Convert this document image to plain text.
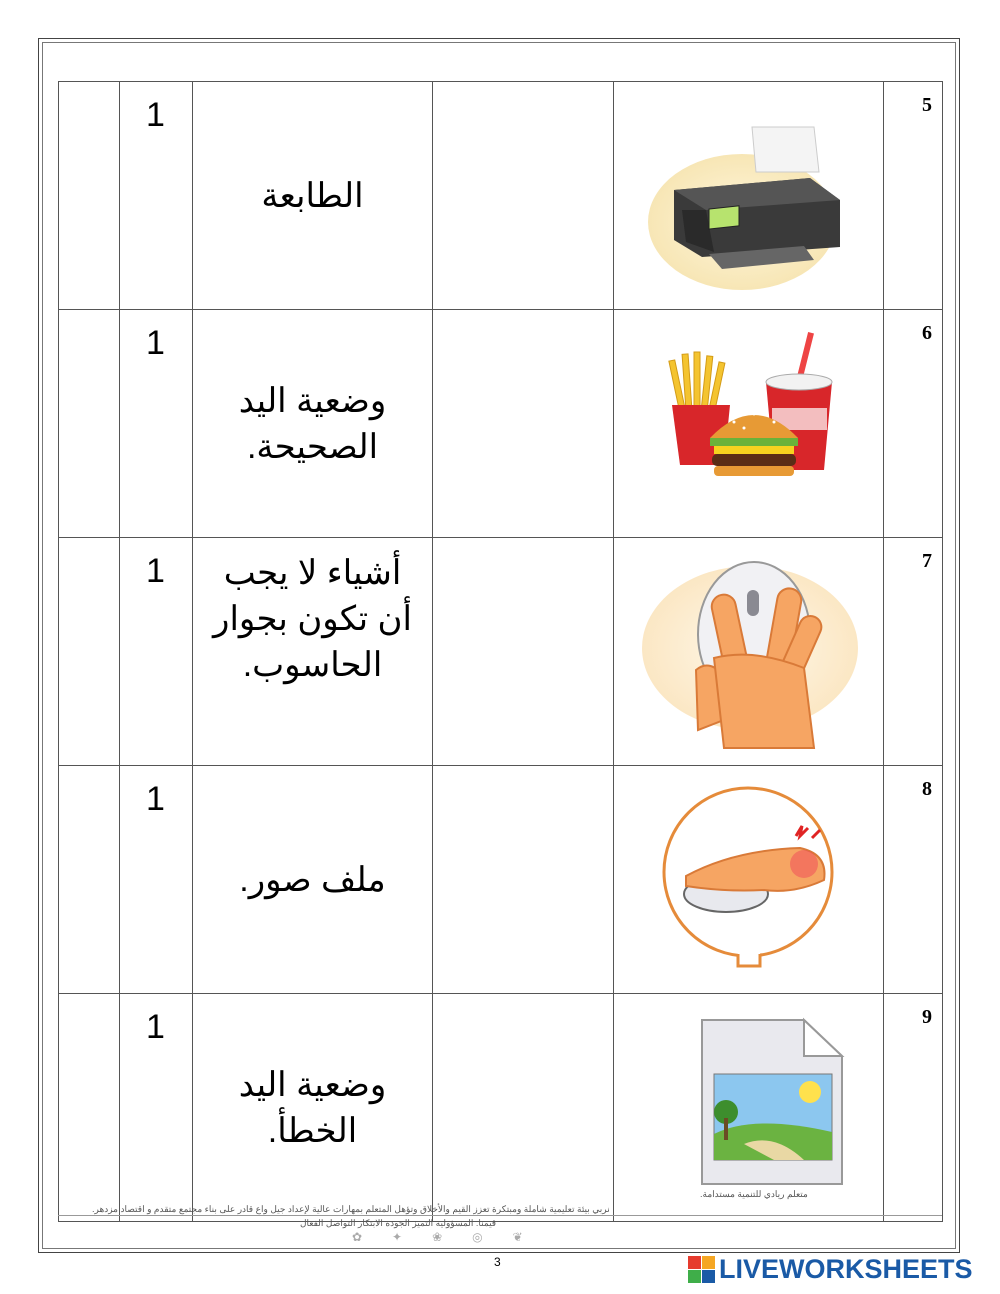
	1	الطابعة			5

	1	وضعية اليد الصحيحة.			6

	1	أشياء لا يجب أن تكون بجوار الحاسوب.			7

	1	ملف صور.			8

	1	وضعية اليد الخطأ.			9
متعلم ريادي للتنمية مستدامة.
نربي بيئة تعليمية شاملة ومبتكرة تعزز القيم والأخلاق وتؤهل المتعلم بمهارات عالية لإعداد جيل واع قادر على بناء مجتمع متقدم و اقتصاد مزدهر.
قيمنا: المسؤولية التميز الجودة الابتكار التواصل الفعال
✿✦❀◎❦
3	LIVEWORKSHEETS
